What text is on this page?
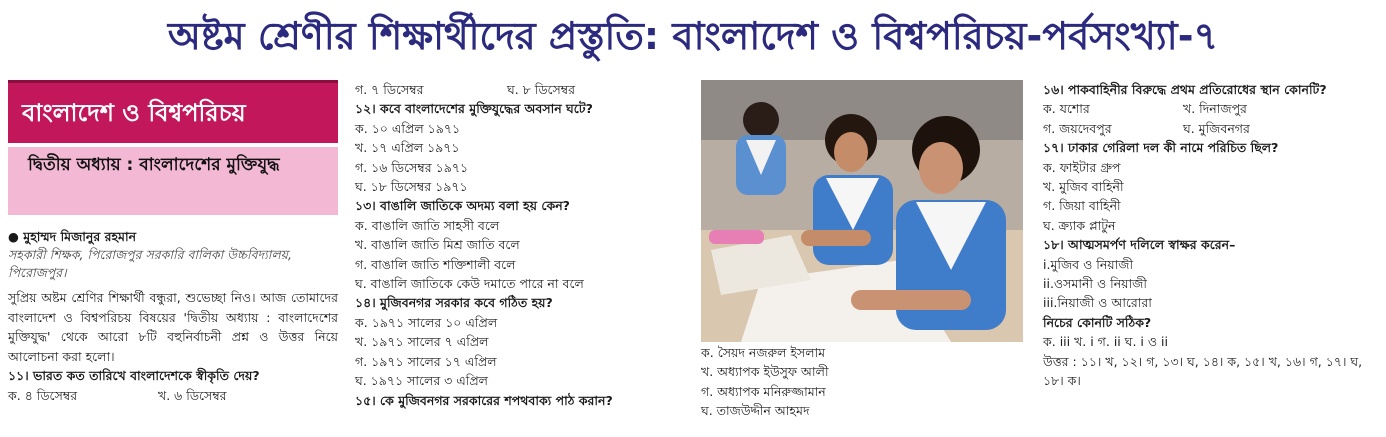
অষ্টম শ্রেণীর শিক্ষার্থীদের প্রস্তুতি: বাংলাদেশ ও বিশ্বপরিচয়-পর্বসংখ্যা-৭
বাংলাদেশ ও বিশ্বপরিচয়
দ্বিতীয় অধ্যায় : বাংলাদেশের মুক্তিযুদ্ধ
● মুহাম্মদ মিজানুর রহমান
সহকারী শিক্ষক, পিরোজপুর সরকারি বালিকা উচ্চবিদ্যালয়, পিরোজপুর।
সুপ্রিয় অষ্টম শ্রেণির শিক্ষার্থী বন্ধুরা, শুভেচ্ছা নিও। আজ তোমাদের বাংলাদেশ ও বিশ্বপরিচয় বিষয়ের 'দ্বিতীয় অধ্যায় : বাংলাদেশের মুক্তিযুদ্ধ' থেকে আরো ৮টি বহুনির্বাচনী প্রশ্ন ও উত্তর নিয়ে আলোচনা করা হলো।
১১। ভারত কত তারিখে বাংলাদেশকে স্বীকৃতি দেয়?
ক. ৪ ডিসেম্বর	খ. ৬ ডিসেম্বর
গ. ৭ ডিসেম্বর	ঘ. ৮ ডিসেম্বর
১২। কবে বাংলাদেশের মুক্তিযুদ্ধের অবসান ঘটে?
ক. ১০ এপ্রিল ১৯৭১
খ. ১৭ এপ্রিল ১৯৭১
গ. ১৬ ডিসেম্বর ১৯৭১
ঘ. ১৮ ডিসেম্বর ১৯৭১
১৩। বাঙালি জাতিকে অদম্য বলা হয় কেন?
ক. বাঙালি জাতি সাহসী বলে
খ. বাঙালি জাতি মিশ্র জাতি বলে
গ. বাঙালি জাতি শক্তিশালী বলে
ঘ. বাঙালি জাতিকে কেউ দমাতে পারে না বলে
১৪। মুজিবনগর সরকার কবে গঠিত হয়?
ক. ১৯৭১ সালের ১০ এপ্রিল
খ. ১৯৭১ সালের ৭ এপ্রিল
গ. ১৯৭১ সালের ১৭ এপ্রিল
ঘ. ১৯৭১ সালের ৩ এপ্রিল
১৫। কে মুজিবনগর সরকারের শপথবাক্য পাঠ করান?
ক. সৈয়দ নজরুল ইসলাম
খ. অধ্যাপক ইউসুফ আলী
গ. অধ্যাপক মনিরুজ্জামান
ঘ. তাজউদ্দীন আহমদ
১৬। পাকবাহিনীর বিরুদ্ধে প্রথম প্রতিরোধের স্থান কোনটি?
ক. যশোর	খ. দিনাজপুর
গ. জয়দেবপুর	ঘ. মুজিবনগর
১৭। ঢাকার গেরিলা দল কী নামে পরিচিত ছিল?
ক. ফাইটার গ্রুপ
খ. মুজিব বাহিনী
গ. জিয়া বাহিনী
ঘ. ক্র্যাক প্লাটুন
১৮। আত্মসমর্পণ দলিলে স্বাক্ষর করেন–
i.মুজিব ও নিয়াজী
ii.ওসমানী ও নিয়াজী
iii.নিয়াজী ও আরোরা
নিচের কোনটি সঠিক?
ক. iii খ. i গ. ii ঘ. i ও ii
উত্তর : ১১। খ, ১২। গ, ১৩। ঘ, ১৪। ক, ১৫। খ, ১৬। গ, ১৭। ঘ, ১৮। ক।
